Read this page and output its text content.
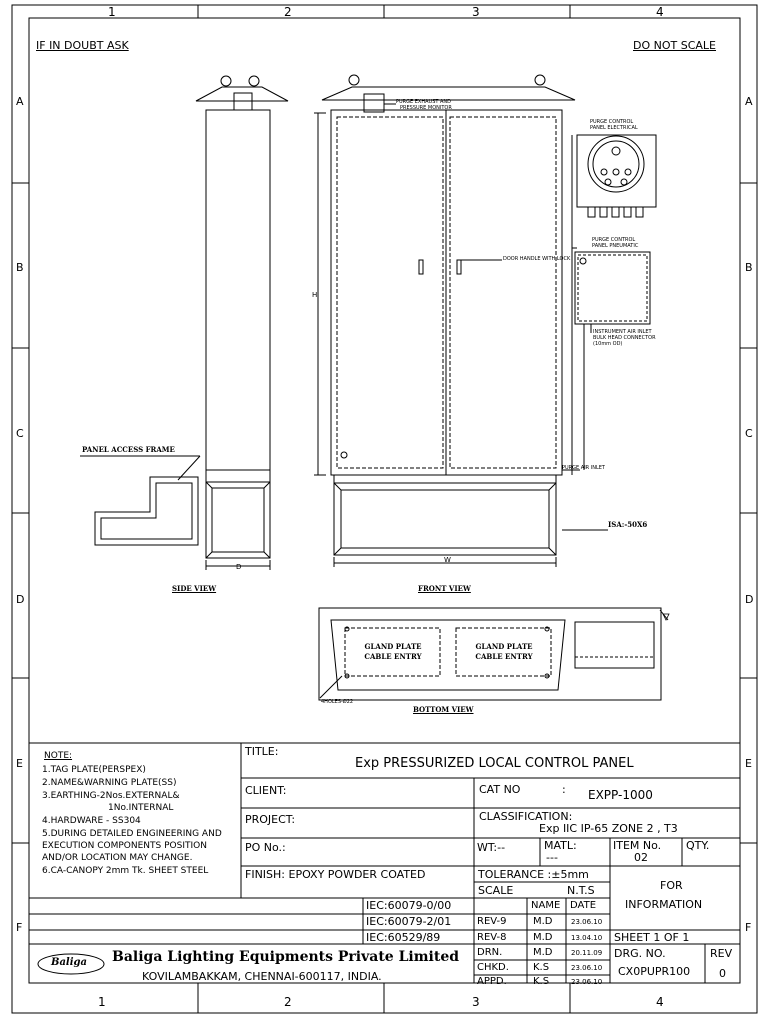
1	2	3	4
1	2	3	4
A
B
C
D
E
F
A
B
C
D
E
F
IF IN DOUBT ASK	DO NOT SCALE
SIDE VIEW	FRONT VIEW
BOTTOM VIEW
PANEL ACCESS FRAME
D
W
H
PURGE EXHAUST AND
PRESSURE MONITOR
PURGE CONTROL
PANEL ELECTRICAL
PURGE CONTROL
PANEL PNEUMATIC
DOOR HANDLE WITH LOCK
INSTRUMENT AIR INLET
BULK HEAD CONNECTOR
(10mm OD)
PURGE AIR INLET
ISA:-50X6
GLAND PLATE
CABLE ENTRY
GLAND PLATE
CABLE ENTRY
4HOLES-Ø22
NOTE:
1.TAG PLATE(PERSPEX)
2.NAME&WARNING PLATE(SS)
3.EARTHING-2Nos.EXTERNAL&
1No.INTERNAL
4.HARDWARE - SS304
5.DURING DETAILED ENGINEERING AND
EXECUTION COMPONENTS POSITION
AND/OR LOCATION MAY CHANGE.
6.CA-CANOPY 2mm Tk. SHEET STEEL
TITLE:
Exp PRESSURIZED LOCAL CONTROL PANEL
CLIENT:
PROJECT:
PO No.:
FINISH: EPOXY POWDER COATED
CAT NO	: EXPP-1000
CLASSIFICATION:
Exp IIC IP-65 ZONE 2 , T3
WT:--	MATL:
---
ITEM No.
02
QTY.
TOLERANCE :±5mm
SCALE	N.T.S	FOR
INFORMATION
IEC:60079-0/00
IEC:60079-2/01
IEC:60529/89
NAME DATE
REV-9	M.D	23.06.10
REV-8	M.D	13.04.10
DRN.	M.D	20.11.09
CHKD. K.S	23.06.10
APPD.	K.S	23.06.10
SHEET 1 OF 1
DRG. NO.
CX0PUPR100
REV
0
Baliga Baliga Lighting Equipments Private Limited
KOVILAMBAKKAM, CHENNAI-600117, INDIA.
